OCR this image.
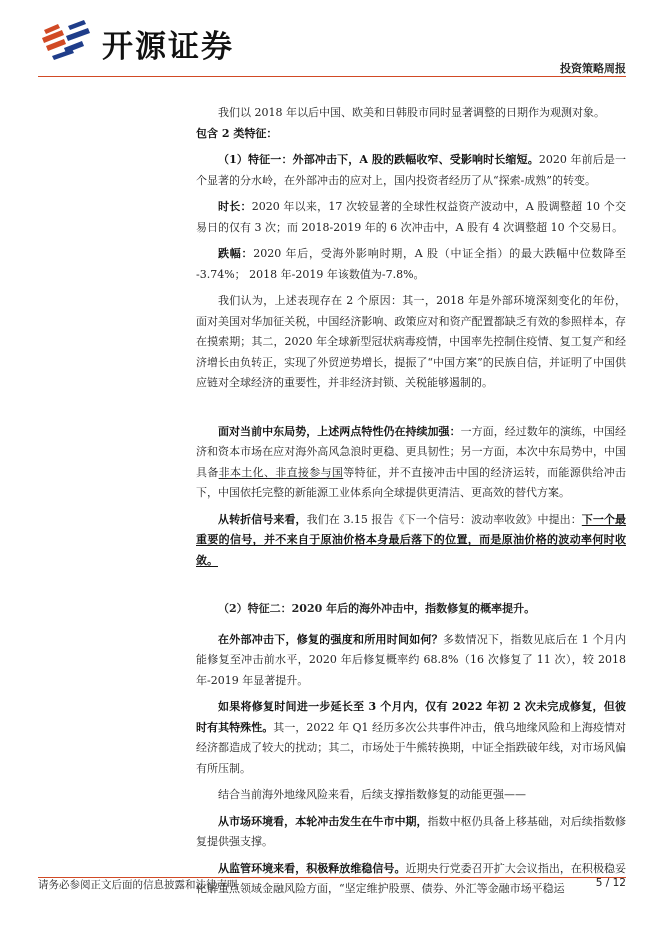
开源证券
投资策略周报

我们以 2018 年以后中国、欧美和日韩股市同时显著调整的日期作为观测对象。
包含 2 类特征：

（1）特征一：外部冲击下，A 股的跌幅收窄、受影响时长缩短。2020 年前后是一个显著的分水岭，在外部冲击的应对上，国内投资者经历了从“探索-成熟”的转变。

时长：2020 年以来，17 次较显著的全球性权益资产波动中，A 股调整超 10 个交易日的仅有 3 次；而 2018-2019 年的 6 次冲击中，A 股有 4 次调整超 10 个交易日。

跌幅：2020 年后，受海外影响时期，A 股（中证全指）的最大跌幅中位数降至 -3.74%； 2018 年-2019 年该数值为-7.8%。

我们认为，上述表现存在 2 个原因：其一，2018 年是外部环境深刻变化的年份，面对美国对华加征关税，中国经济影响、政策应对和资产配置都缺乏有效的参照样本，存在摸索期；其二，2020 年全球新型冠状病毒疫情，中国率先控制住疫情、复工复产和经济增长由负转正，实现了外贸逆势增长，提振了“中国方案”的民族自信，并证明了中国供应链对全球经济的重要性，并非经济封锁、关税能够遏制的。

面对当前中东局势，上述两点特性仍在持续加强：一方面，经过数年的演练，中国经济和资本市场在应对海外高风急浪时更稳、更具韧性；另一方面，本次中东局势中，中国具备非本土化、非直接参与国等特征，并不直接冲击中国的经济运转，而能源供给冲击下，中国依托完整的新能源工业体系向全球提供更清洁、更高效的替代方案。

从转折信号来看，我们在 3.15 报告《下一个信号：波动率收敛》中提出：下一个最重要的信号，并不来自于原油价格本身最后落下的位置，而是原油价格的波动率何时收敛。

（2）特征二：2020 年后的海外冲击中，指数修复的概率提升。

在外部冲击下，修复的强度和所用时间如何？多数情况下，指数见底后在 1 个月内能修复至冲击前水平，2020 年后修复概率约 68.8%（16 次修复了 11 次），较 2018 年-2019 年显著提升。

如果将修复时间进一步延长至 3 个月内，仅有 2022 年初 2 次未完成修复，但彼时有其特殊性。其一，2022 年 Q1 经历多次公共事件冲击，俄乌地缘风险和上海疫情对经济都造成了较大的扰动；其二，市场处于牛熊转换期，中证全指跌破年线，对市场风偏有所压制。

结合当前海外地缘风险来看，后续支撑指数修复的动能更强——

从市场环境看，本轮冲击发生在牛市中期，指数中枢仍具备上移基础，对后续指数修复提供强支撑。

从监管环境来看，积极释放维稳信号。近期央行党委召开扩大会议指出，在积极稳妥化解重点领域金融风险方面，“坚定维护股票、债券、外汇等金融市场平稳运

请务必参阅正文后面的信息披露和法律声明	5 / 12
